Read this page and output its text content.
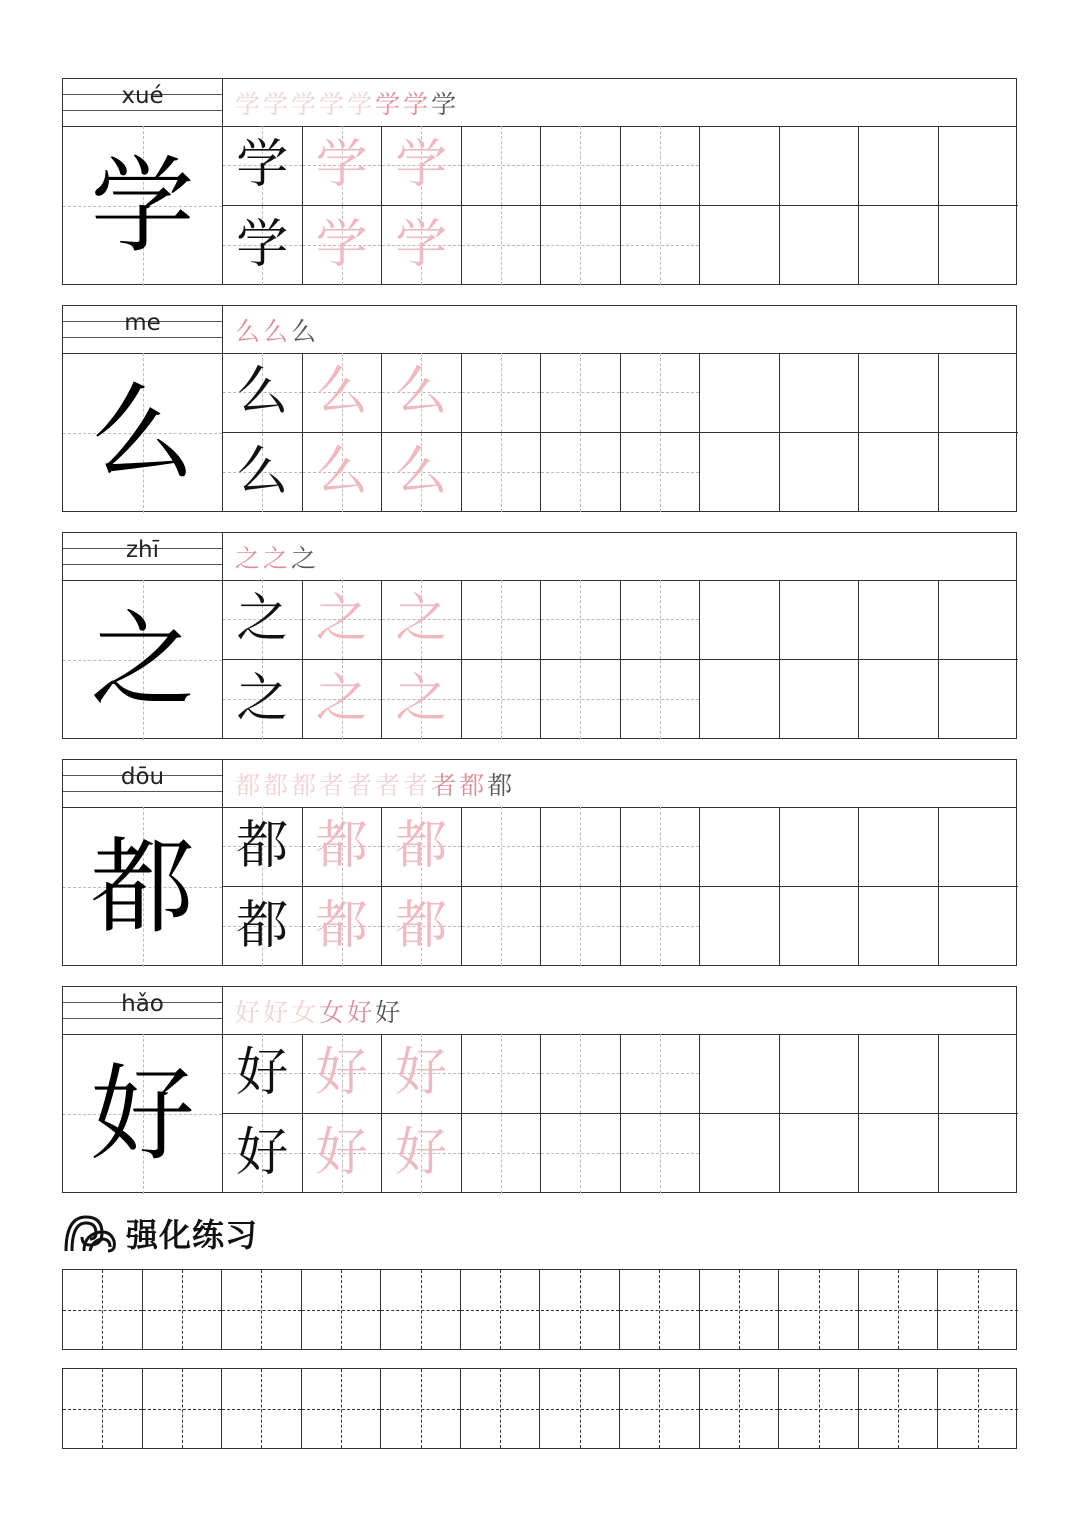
xué
学
学 学 学 学 学 学 学 学
学 学 学
学 学 学
me
么
么 么 么
么 么 么
么 么 么
zhī
之
之 之 之
之 之 之
之 之 之
dōu
都
都 都 都 者 者 者 者 者 都 都
都 都 都
都 都 都
hǎo
好
好 好 女 女 好 好
好 好 好
好 好 好
强化练习
